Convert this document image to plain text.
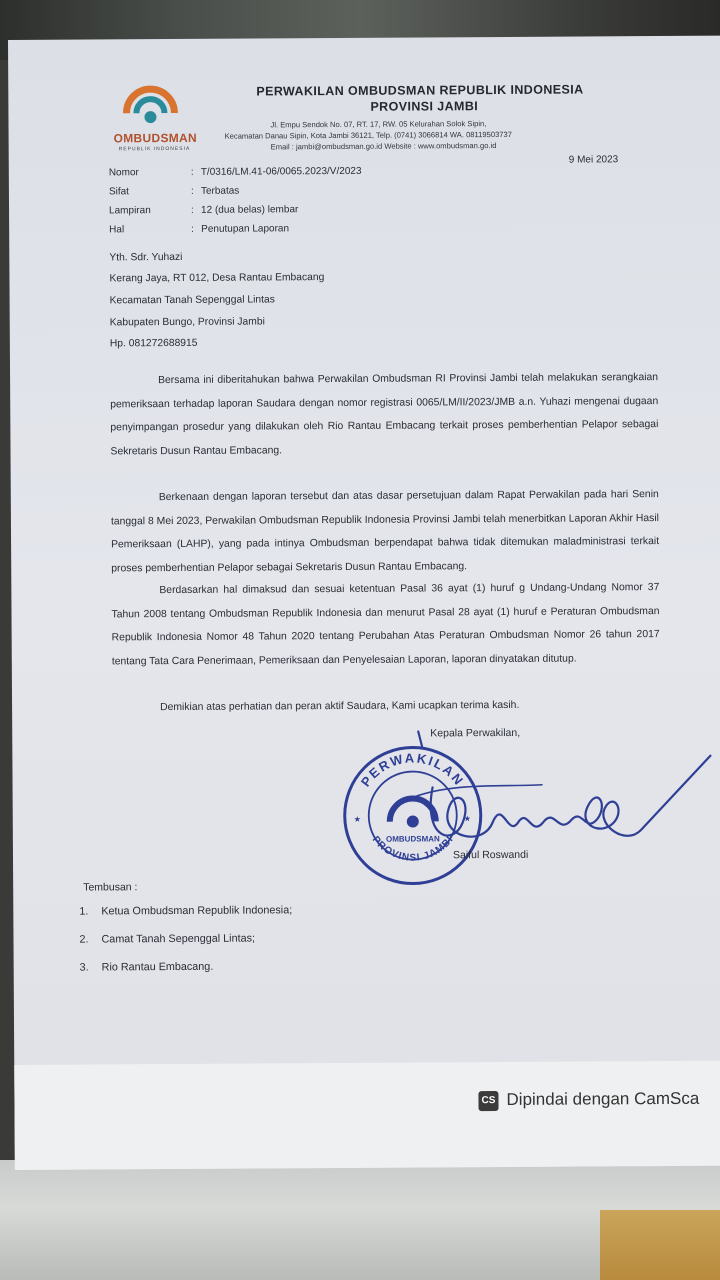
OMBUDSMAN
REPUBLIK INDONESIA
PERWAKILAN OMBUDSMAN REPUBLIK INDONESIA
PROVINSI JAMBI
Jl. Empu Sendok No. 07, RT. 17, RW. 05 Kelurahan Solok Sipin,
Kecamatan Danau Sipin, Kota Jambi 36121, Telp. (0741) 3066814 WA. 08119503737
Email : jambi@ombudsman.go.id Website : www.ombudsman.go.id
9 Mei 2023
Nomor	: T/0316/LM.41-06/0065.2023/V/2023
Sifat	: Terbatas
Lampiran	: 12 (dua belas) lembar
Hal	: Penutupan Laporan
Yth. Sdr. Yuhazi
Kerang Jaya, RT 012, Desa Rantau Embacang
Kecamatan Tanah Sepenggal Lintas
Kabupaten Bungo, Provinsi Jambi
Hp. 081272688915

Bersama ini diberitahukan bahwa Perwakilan Ombudsman RI Provinsi Jambi telah melakukan serangkaian pemeriksaan terhadap laporan Saudara dengan nomor registrasi 0065/LM/II/2023/JMB a.n. Yuhazi mengenai dugaan penyimpangan prosedur yang dilakukan oleh Rio Rantau Embacang terkait proses pemberhentian Pelapor sebagai Sekretaris Dusun Rantau Embacang.

Berkenaan dengan laporan tersebut dan atas dasar persetujuan dalam Rapat Perwakilan pada hari Senin tanggal 8 Mei 2023, Perwakilan Ombudsman Republik Indonesia Provinsi Jambi telah menerbitkan Laporan Akhir Hasil Pemeriksaan (LAHP), yang pada intinya Ombudsman berpendapat bahwa tidak ditemukan maladministrasi terkait proses pemberhentian Pelapor sebagai Sekretaris Dusun Rantau Embacang.

Berdasarkan hal dimaksud dan sesuai ketentuan Pasal 36 ayat (1) huruf g Undang-Undang Nomor 37 Tahun 2008 tentang Ombudsman Republik Indonesia dan menurut Pasal 28 ayat (1) huruf e Peraturan Ombudsman Republik Indonesia Nomor 48 Tahun 2020 tentang Perubahan Atas Peraturan Ombudsman Nomor 26 tahun 2017 tentang Tata Cara Penerimaan, Pemeriksaan dan Penyelesaian Laporan, laporan dinyatakan ditutup.

Demikian atas perhatian dan peran aktif Saudara, Kami ucapkan terima kasih.

Kepala Perwakilan,
PERWAKILAN
PROVINSI JAMBI
OMBUDSMAN
★	★
Saiful Roswandi
Tembusan :
1. Ketua Ombudsman Republik Indonesia;
2. Camat Tanah Sepenggal Lintas;
3. Rio Rantau Embacang.
CS Dipindai dengan CamSca
